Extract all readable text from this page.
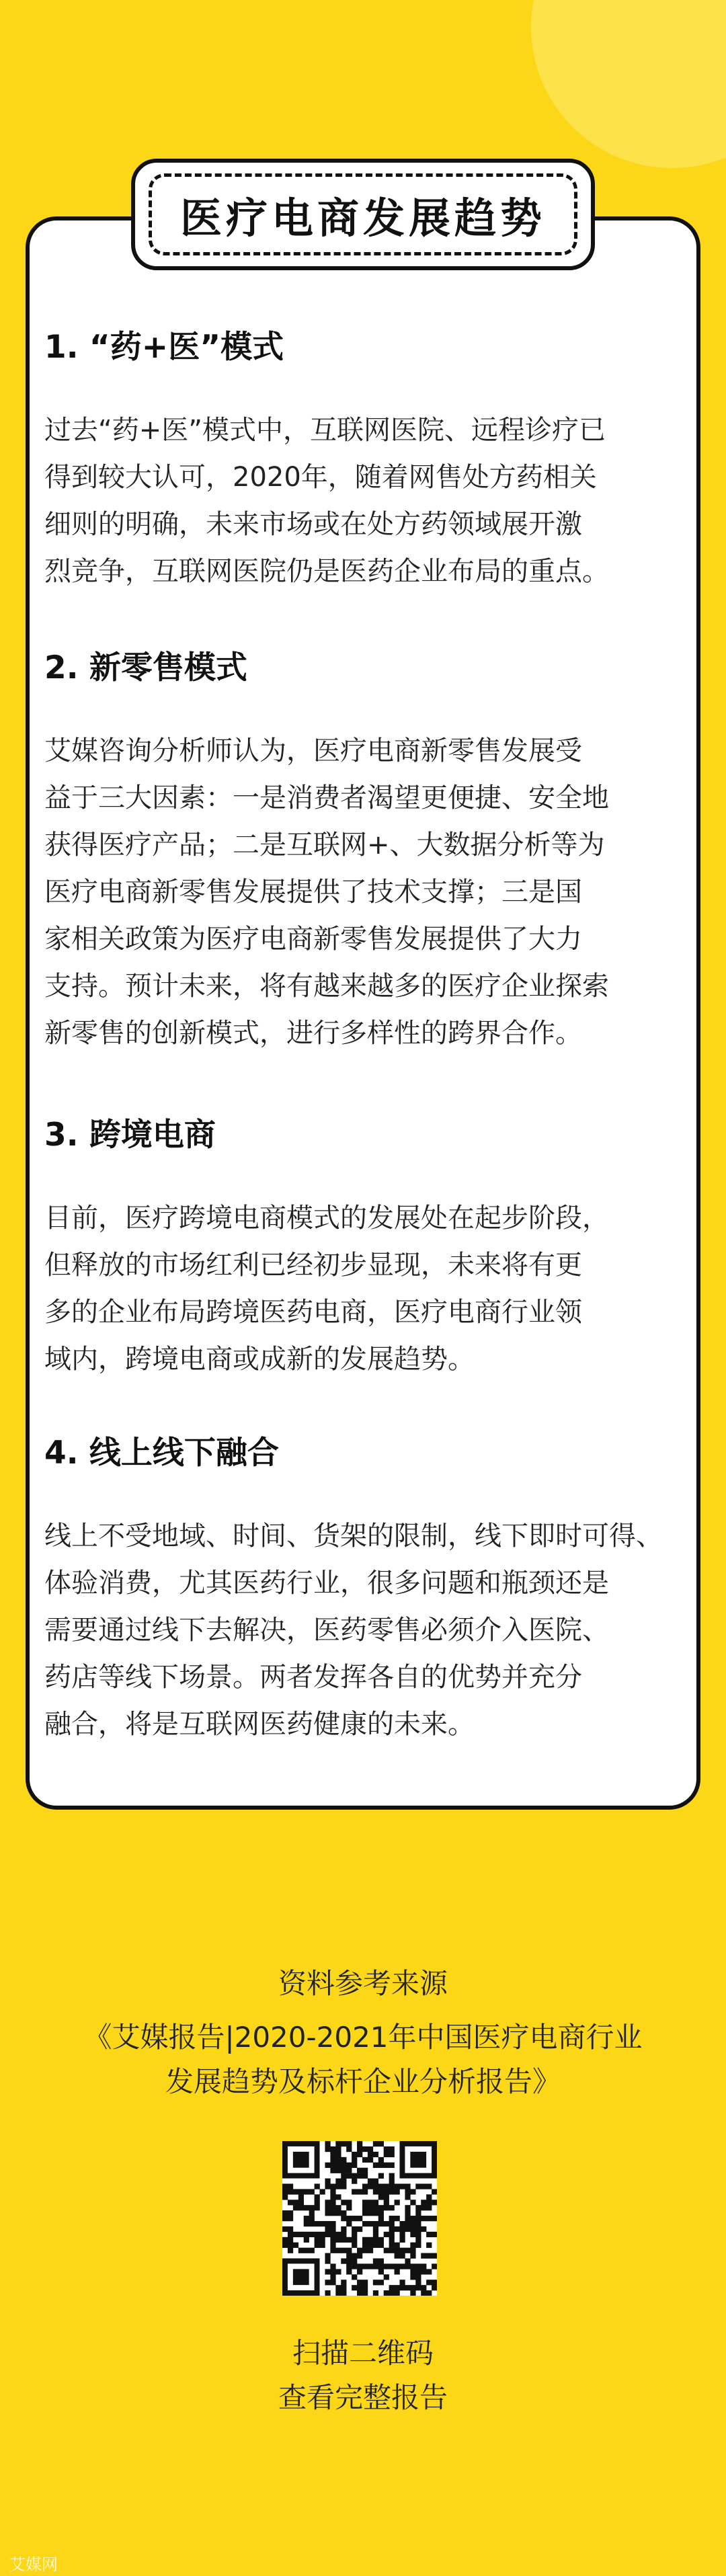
医疗电商发展趋势
1. “药+医”模式
过去“药+医”模式中，互联网医院、远程诊疗已
得到较大认可，2020年，随着网售处方药相关
细则的明确，未来市场或在处方药领域展开激
烈竞争，互联网医院仍是医药企业布局的重点。
2. 新零售模式
艾媒咨询分析师认为，医疗电商新零售发展受
益于三大因素：一是消费者渴望更便捷、安全地
获得医疗产品；二是互联网+、大数据分析等为
医疗电商新零售发展提供了技术支撑；三是国
家相关政策为医疗电商新零售发展提供了大力
支持。预计未来，将有越来越多的医疗企业探索
新零售的创新模式，进行多样性的跨界合作。
3. 跨境电商
目前，医疗跨境电商模式的发展处在起步阶段，
但释放的市场红利已经初步显现，未来将有更
多的企业布局跨境医药电商，医疗电商行业领
域内，跨境电商或成新的发展趋势。
4. 线上线下融合
线上不受地域、时间、货架的限制，线下即时可得、
体验消费，尤其医药行业，很多问题和瓶颈还是
需要通过线下去解决，医药零售必须介入医院、
药店等线下场景。两者发挥各自的优势并充分
融合，将是互联网医药健康的未来。
资料参考来源
《艾媒报告|2020-2021年中国医疗电商行业
发展趋势及标杆企业分析报告》
扫描二维码
查看完整报告
艾媒网
